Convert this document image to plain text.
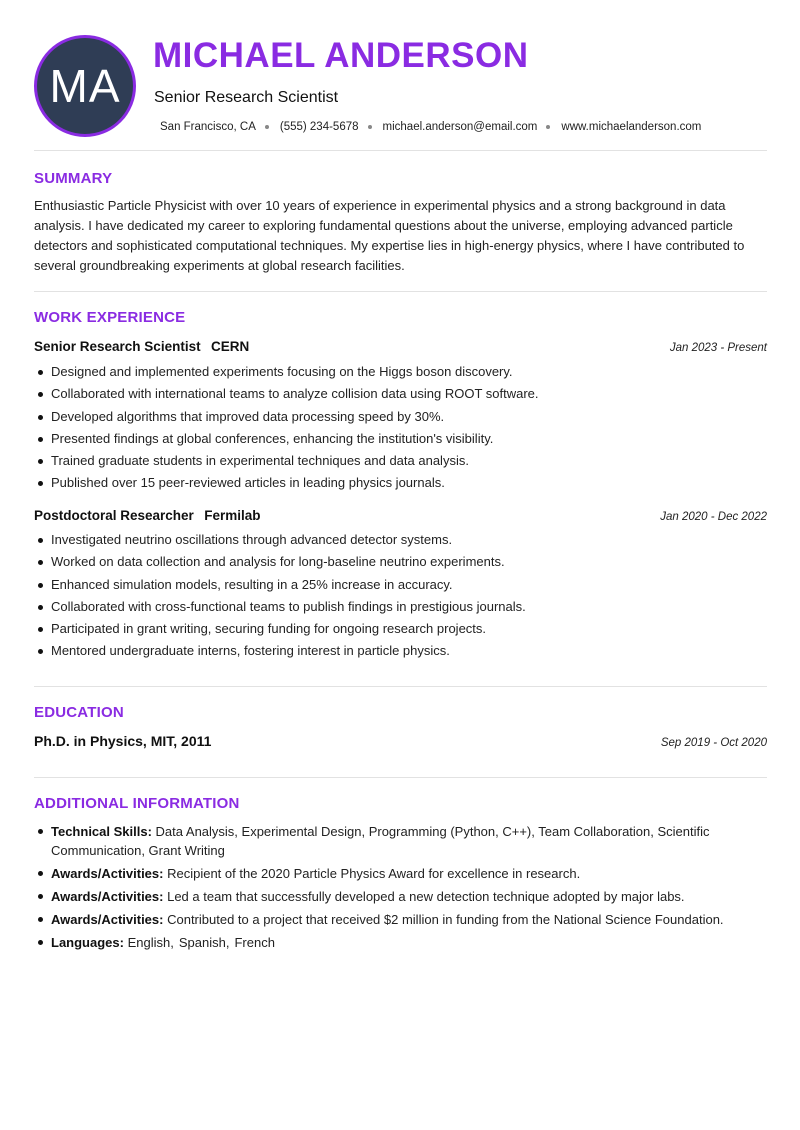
MA
MICHAEL ANDERSON
Senior Research Scientist
San Francisco, CA (555) 234-5678 michael.anderson@email.com www.michaelanderson.com
SUMMARY

Enthusiastic Particle Physicist with over 10 years of experience in experimental physics and a strong background in data analysis. I have dedicated my career to exploring fundamental questions about the universe, employing advanced particle detectors and sophisticated computational techniques. My expertise lies in high-energy physics, where I have contributed to several groundbreaking experiments at global research facilities.

WORK EXPERIENCE
Senior Research Scientist CERN	Jan 2023 - Present
Designed and implemented experiments focusing on the Higgs boson discovery.
Collaborated with international teams to analyze collision data using ROOT software.
Developed algorithms that improved data processing speed by 30%.
Presented findings at global conferences, enhancing the institution's visibility.
Trained graduate students in experimental techniques and data analysis.
Published over 15 peer-reviewed articles in leading physics journals.
Postdoctoral Researcher Fermilab	Jan 2020 - Dec 2022
Investigated neutrino oscillations through advanced detector systems.
Worked on data collection and analysis for long-baseline neutrino experiments.
Enhanced simulation models, resulting in a 25% increase in accuracy.
Collaborated with cross-functional teams to publish findings in prestigious journals.
Participated in grant writing, securing funding for ongoing research projects.
Mentored undergraduate interns, fostering interest in particle physics.
EDUCATION
Ph.D. in Physics, MIT, 2011	Sep 2019 - Oct 2020
ADDITIONAL INFORMATION
Technical Skills: Data Analysis, Experimental Design, Programming (Python, C++), Team Collaboration, Scientific Communication, Grant Writing
Awards/Activities: Recipient of the 2020 Particle Physics Award for excellence in research.
Awards/Activities: Led a team that successfully developed a new detection technique adopted by major labs.
Awards/Activities: Contributed to a project that received $2 million in funding from the National Science Foundation.
Languages: English, Spanish, French
